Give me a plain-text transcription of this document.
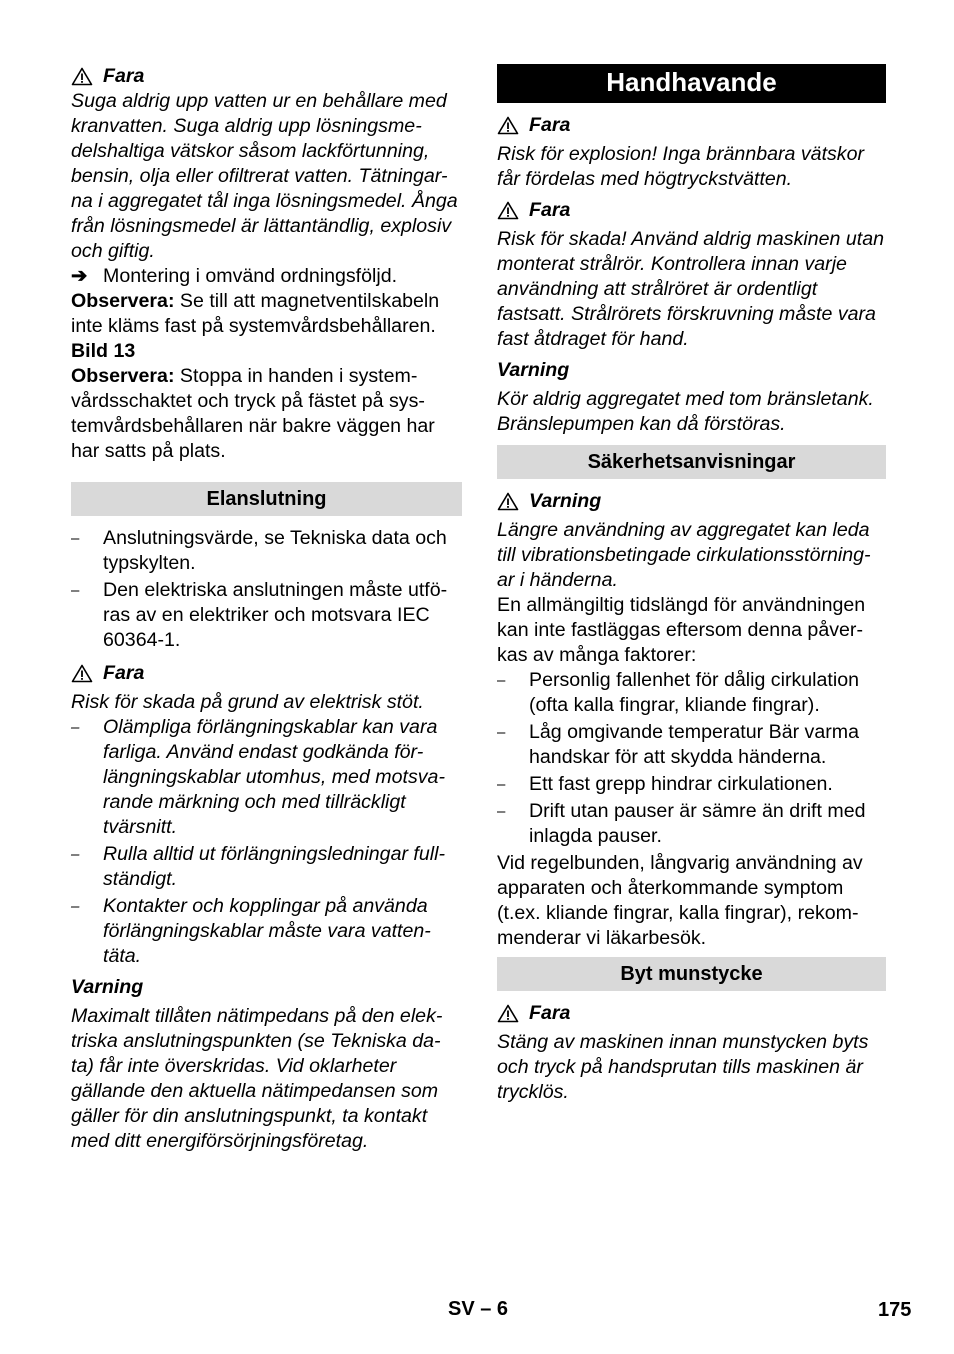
Fara

Suga aldrig upp vatten ur en behållare med kranvatten. Suga aldrig upp lösningsme-delshaltiga vätskor såsom lackförtunning, bensin, olja eller ofiltrerat vatten. Tätningar-na i aggregatet tål inga lösningsmedel. Ånga från lösningsmedel är lättantändlig, explosiv och giftig.

➔ Montering i omvänd ordningsföljd.

Observera: Se till att magnetventilskabeln inte kläms fast på systemvårdsbehållaren.

Bild 13

Observera: Stoppa in handen i system-vårdsschaktet och tryck på fästet på sys-temvårdsbehållaren när bakre väggen har har satts på plats.

Elanslutning
– Anslutningsvärde, se Tekniska data och typskylten.
– Den elektriska anslutningen måste utfö-ras av en elektriker och motsvara IEC 60364-1.
Fara

Risk för skada på grund av elektrisk stöt.

– Olämpliga förlängningskablar kan vara farliga. Använd endast godkända för-längningskablar utomhus, med motsva-rande märkning och med tillräckligt tvärsnitt.
– Rulla alltid ut förlängningsledningar full-ständigt.
– Kontakter och kopplingar på använda förlängningskablar måste vara vatten-täta.

Varning

Maximalt tillåten nätimpedans på den elek-triska anslutningspunkten (se Tekniska da-ta) får inte överskridas. Vid oklarheter gällande den aktuella nätimpedansen som gäller för din anslutningspunkt, ta kontakt med ditt energiförsörjningsföretag.

Handhavande
Fara

Risk för explosion! Inga brännbara vätskor får fördelas med högtryckstvätten.

Fara

Risk för skada! Använd aldrig maskinen utan monterat strålrör. Kontrollera innan varje användning att strålröret är ordentligt fastsatt. Strålrörets förskruvning måste vara fast åtdraget för hand.

Varning

Kör aldrig aggregatet med tom bränsletank. Bränslepumpen kan då förstöras.

Säkerhetsanvisningar
Varning

Längre användning av aggregatet kan leda till vibrationsbetingade cirkulationsstörning-ar i händerna.

En allmängiltig tidslängd för användningen kan inte fastläggas eftersom denna påver-kas av många faktorer:

– Personlig fallenhet för dålig cirkulation (ofta kalla fingrar, kliande fingrar).
– Låg omgivande temperatur Bär varma handskar för att skydda händerna.
– Ett fast grepp hindrar cirkulationen.
– Drift utan pauser är sämre än drift med inlagda pauser.

Vid regelbunden, långvarig användning av apparaten och återkommande symptom (t.ex. kliande fingrar, kalla fingrar), rekom-menderar vi läkarbesök.

Byt munstycke
Fara

Stäng av maskinen innan munstycken byts och tryck på handsprutan tills maskinen är trycklös.

SV – 6	175
